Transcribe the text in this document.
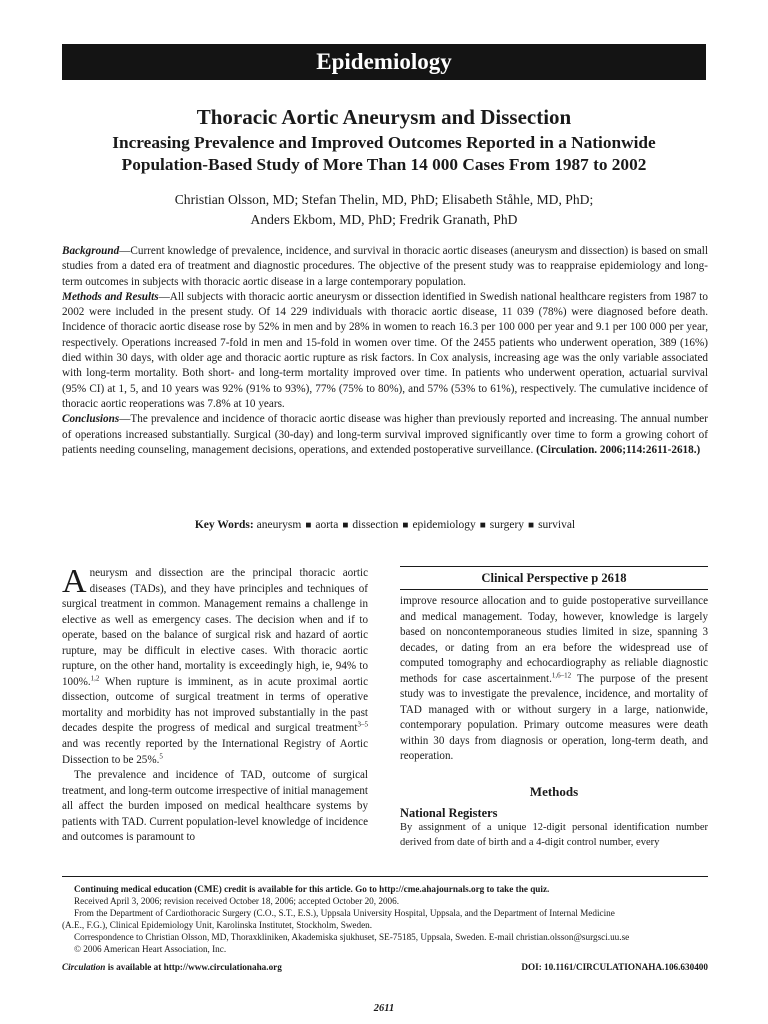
Epidemiology
Thoracic Aortic Aneurysm and Dissection
Increasing Prevalence and Improved Outcomes Reported in a Nationwide
Population-Based Study of More Than 14 000 Cases From 1987 to 2002
Christian Olsson, MD; Stefan Thelin, MD, PhD; Elisabeth Ståhle, MD, PhD;
Anders Ekbom, MD, PhD; Fredrik Granath, PhD

Background—Current knowledge of prevalence, incidence, and survival in thoracic aortic diseases (aneurysm and dissection) is based on small studies from a dated era of treatment and diagnostic procedures. The objective of the present study was to reappraise epidemiology and long-term outcomes in subjects with thoracic aortic disease in a large contemporary population.

Methods and Results—All subjects with thoracic aortic aneurysm or dissection identified in Swedish national healthcare registers from 1987 to 2002 were included in the present study. Of 14 229 individuals with thoracic aortic disease, 11 039 (78%) were diagnosed before death. Incidence of thoracic aortic disease rose by 52% in men and by 28% in women to reach 16.3 per 100 000 per year and 9.1 per 100 000 per year, respectively. Operations increased 7-fold in men and 15-fold in women over time. Of the 2455 patients who underwent operation, 389 (16%) died within 30 days, with older age and thoracic aortic rupture as risk factors. In Cox analysis, increasing age was the only variable associated with long-term mortality. Both short- and long-term mortality improved over time. In patients who underwent operation, actuarial survival (95% CI) at 1, 5, and 10 years was 92% (91% to 93%), 77% (75% to 80%), and 57% (53% to 61%), respectively. The cumulative incidence of thoracic aortic reoperations was 7.8% at 10 years.

Conclusions—The prevalence and incidence of thoracic aortic disease was higher than previously reported and increasing. The annual number of operations increased substantially. Surgical (30-day) and long-term survival improved significantly over time to form a growing cohort of patients needing counseling, management decisions, operations, and extended postoperative surveillance. (Circulation. 2006;114:2611-2618.)

Key Words: aneurysm ■ aorta ■ dissection ■ epidemiology ■ surgery ■ survival

Aneurysm and dissection are the principal thoracic aortic diseases (TADs), and they have principles and techniques of surgical treatment in common. Management remains a challenge in elective as well as emergency cases. The decision when and if to operate, based on the balance of surgical risk and hazard of aortic rupture, may be difficult in elective cases. With thoracic aortic rupture, on the other hand, mortality is exceedingly high, ie, 94% to 100%.$^{1,2}$ When rupture is imminent, as in acute proximal aortic dissection, outcome of surgical treatment in terms of operative mortality and morbidity has not improved substantially in the past decades despite the progress of medical and surgical treatment$^{3-5}$ and was recently reported by the International Registry of Aortic Dissection to be 25%.$^5$

The prevalence and incidence of TAD, outcome of surgical treatment, and long-term outcome irrespective of initial management all affect the burden imposed on medical healthcare systems by patients with TAD. Current population-level knowledge of incidence and outcomes is paramount to

Clinical Perspective p 2618

improve resource allocation and to guide postoperative surveillance and medical management. Today, however, knowledge is largely based on noncontemporaneous studies limited in size, spanning 3 decades, or dating from an era before the widespread use of computed tomography and echocardiography as reliable diagnostic methods for case ascertainment.$^{1,6-12}$ The purpose of the present study was to investigate the prevalence, incidence, and mortality of TAD managed with or without surgery in a large, nationwide, contemporary population. Primary outcome measures were death within 30 days from diagnosis or operation, long-term death, and reoperation.

Methods
National Registers

By assignment of a unique 12-digit personal identification number derived from date of birth and a 4-digit control number, every

Continuing medical education (CME) credit is available for this article. Go to http://cme.ahajournals.org to take the quiz.

Received April 3, 2006; revision received October 18, 2006; accepted October 20, 2006.

From the Department of Cardiothoracic Surgery (C.O., S.T., E.S.), Uppsala University Hospital, Uppsala, and the Department of Internal Medicine

(A.E., F.G.), Clinical Epidemiology Unit, Karolinska Institutet, Stockholm, Sweden.

Correspondence to Christian Olsson, MD, Thoraxkliniken, Akademiska sjukhuset, SE-75185, Uppsala, Sweden. E-mail christian.olsson@surgsci.uu.se

© 2006 American Heart Association, Inc.

Circulation is available at http://www.circulationaha.org	DOI: 10.1161/CIRCULATIONAHA.106.630400
2611
